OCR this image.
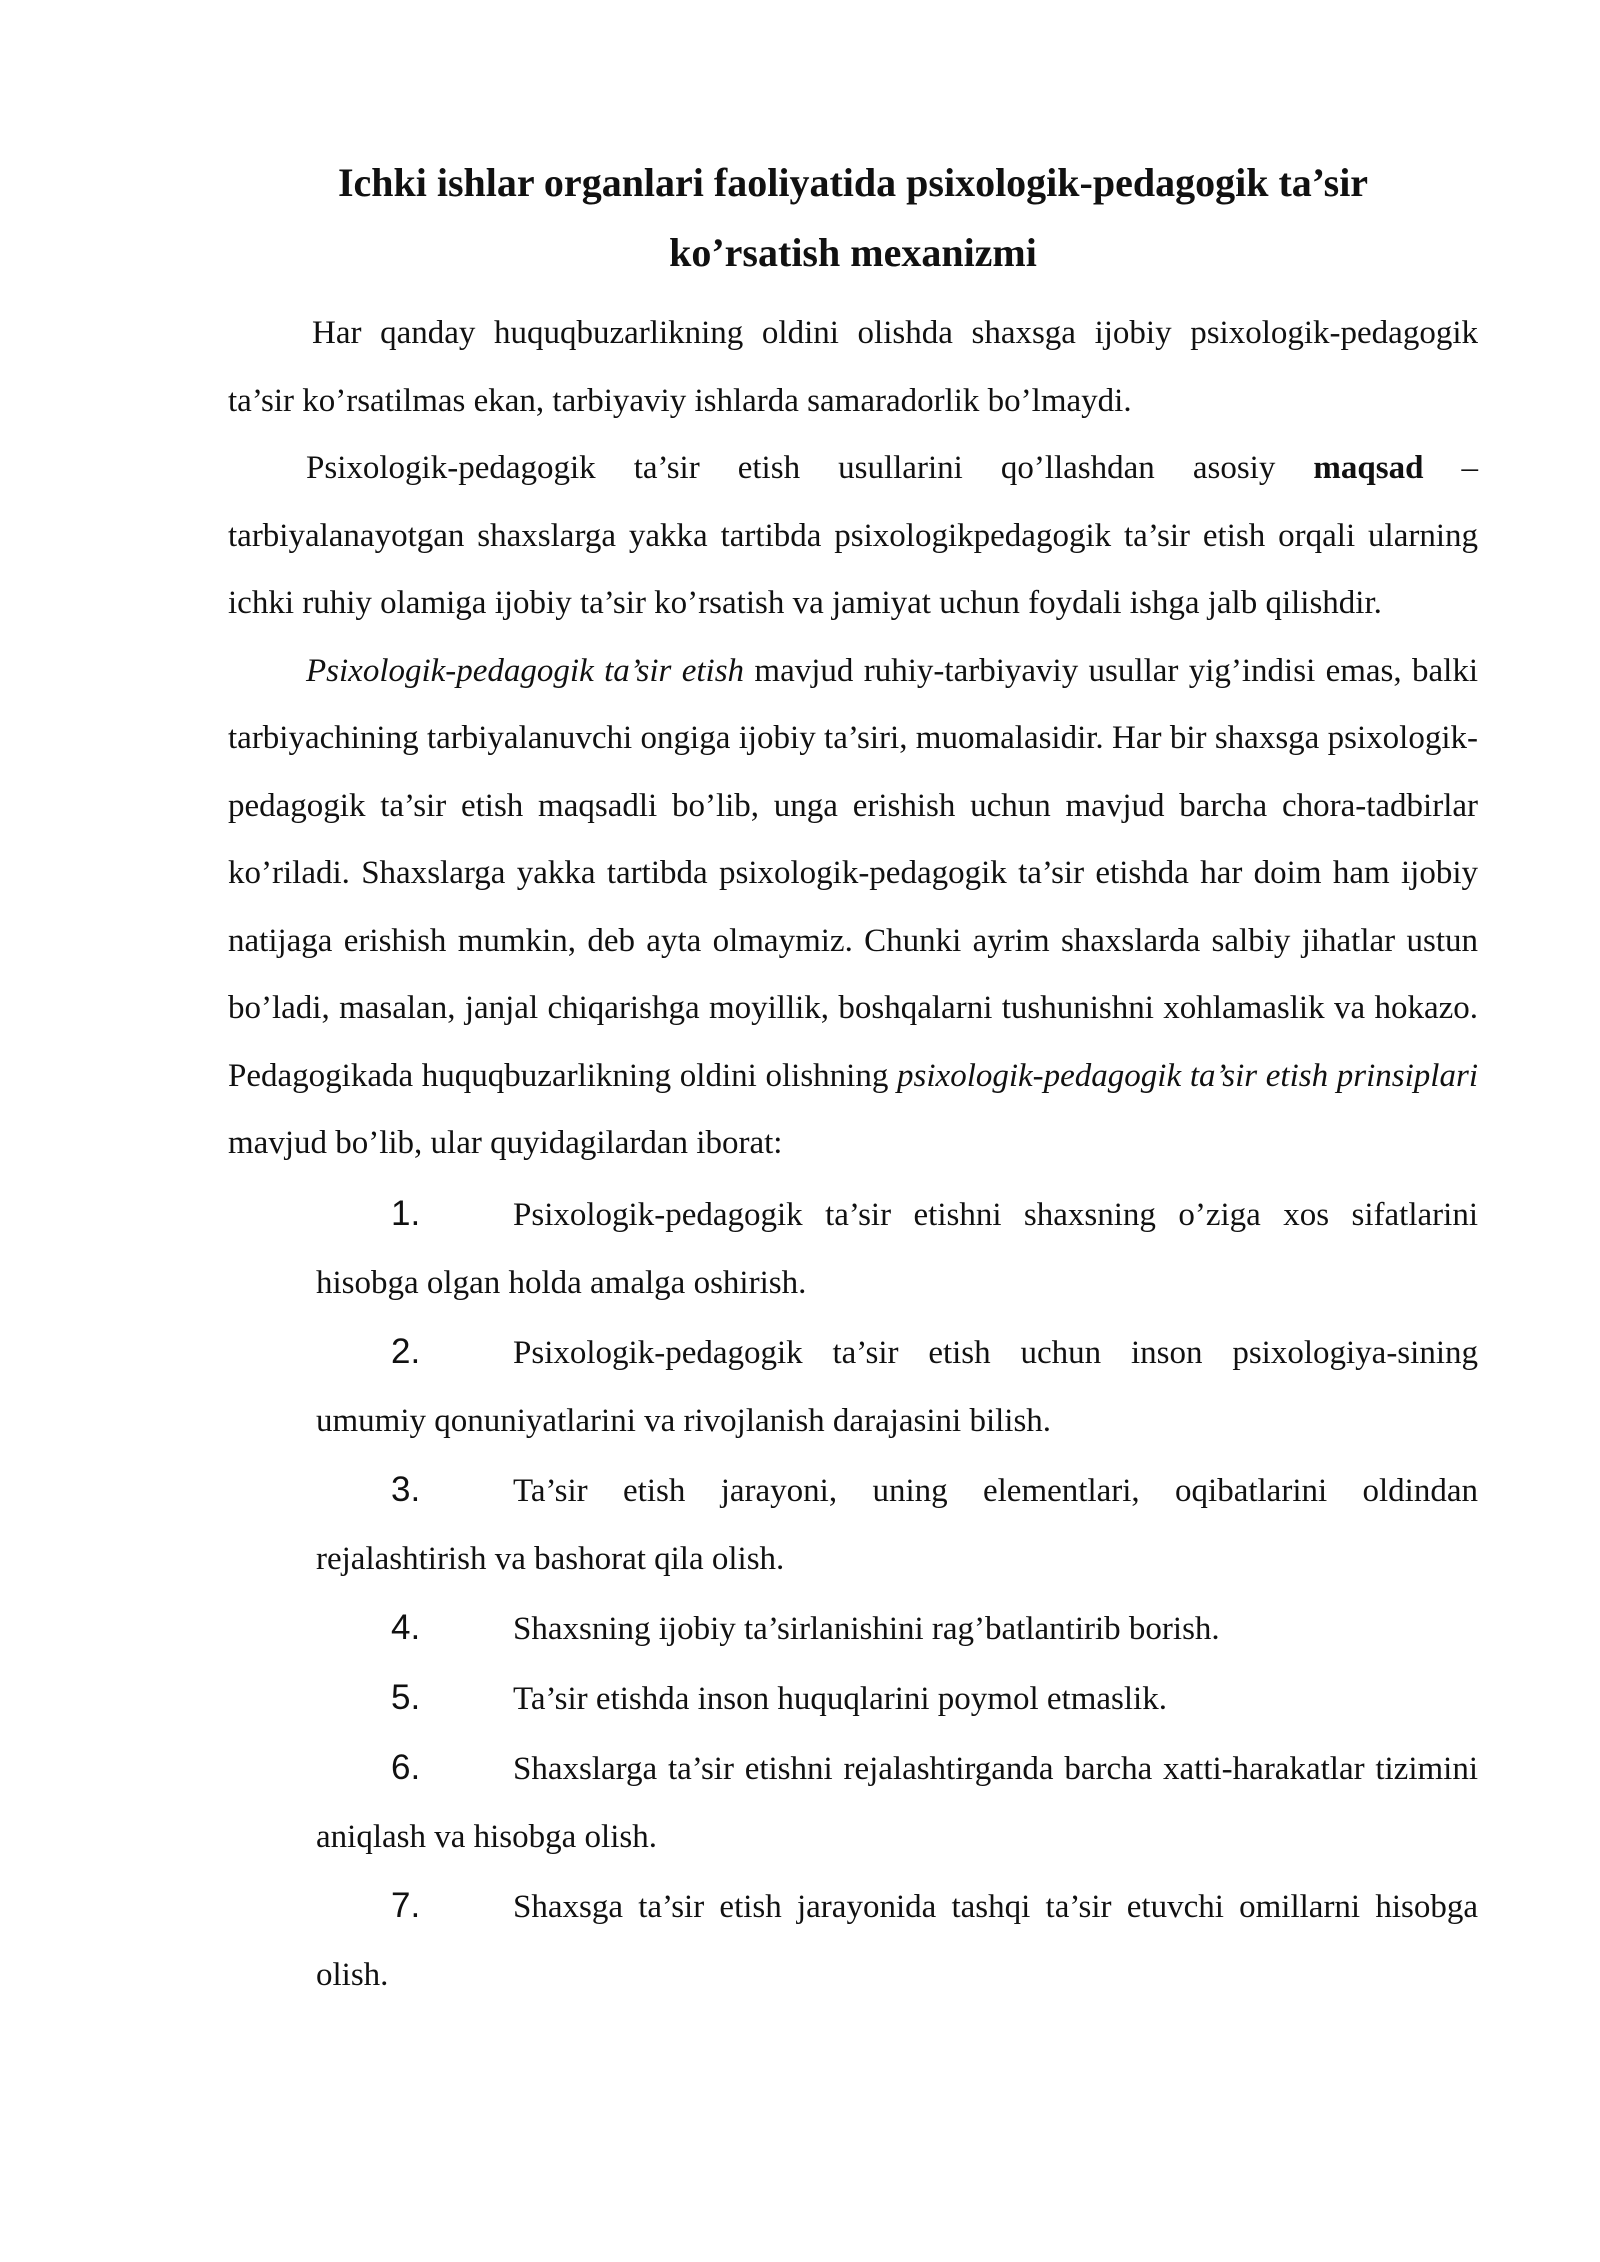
Ichki ishlar organlari faoliyatida psixologik-pedagogik ta’sir
ko’rsatish mexanizmi

Har qanday huquqbuzarlikning oldini olishda shaxsga ijobiy psixologik-pedagogik ta’sir ko’rsatilmas ekan, tarbiyaviy ishlarda samaradorlik bo’lmaydi.

Psixologik-pedagogik ta’sir etish usullarini qo’llashdan asosiy maqsad – tarbiyalanayotgan shaxslarga yakka tartibda psixologikpedagogik ta’sir etish orqali ularning ichki ruhiy olamiga ijobiy ta’sir ko’rsatish va jamiyat uchun foydali ishga jalb qilishdir.

Psixologik-pedagogik ta’sir etish mavjud ruhiy-tarbiyaviy usullar yig’indisi emas, balki tarbiyachining tarbiyalanuvchi ongiga ijobiy ta’siri, muomalasidir. Har bir shaxsga psixologik-pedagogik ta’sir etish maqsadli bo’lib, unga erishish uchun mavjud barcha chora-tadbirlar ko’riladi. Shaxslarga yakka tartibda psixologik-pedagogik ta’sir etishda har doim ham ijobiy natijaga erishish mumkin, deb ayta olmaymiz. Chunki ayrim shaxslarda salbiy jihatlar ustun bo’ladi, masalan, janjal chiqarishga moyillik, boshqalarni tushunishni xohlamaslik va hokazo. Pedagogikada huquqbuzarlikning oldini olishning psixologik-pedagogik ta’sir etish prinsiplari mavjud bo’lib, ular quyidagilardan iborat:

1.	Psixologik-pedagogik ta’sir etishni shaxsning o’ziga xos sifatlarini hisobga olgan holda amalga oshirish.
2.	Psixologik-pedagogik ta’sir etish uchun inson psixologiya-sining umumiy qonuniyatlarini va rivojlanish darajasini bilish.
3.	Ta’sir etish jarayoni, uning elementlari, oqibatlarini oldindan rejalashtirish va bashorat qila olish.
4.	Shaxsning ijobiy ta’sirlanishini rag’batlantirib borish.
5.	Ta’sir etishda inson huquqlarini poymol etmaslik.
6.	Shaxslarga ta’sir etishni rejalashtirganda barcha xatti-harakatlar tizimini aniqlash va hisobga olish.
7.	Shaxsga ta’sir etish jarayonida tashqi ta’sir etuvchi omillarni hisobga olish.
